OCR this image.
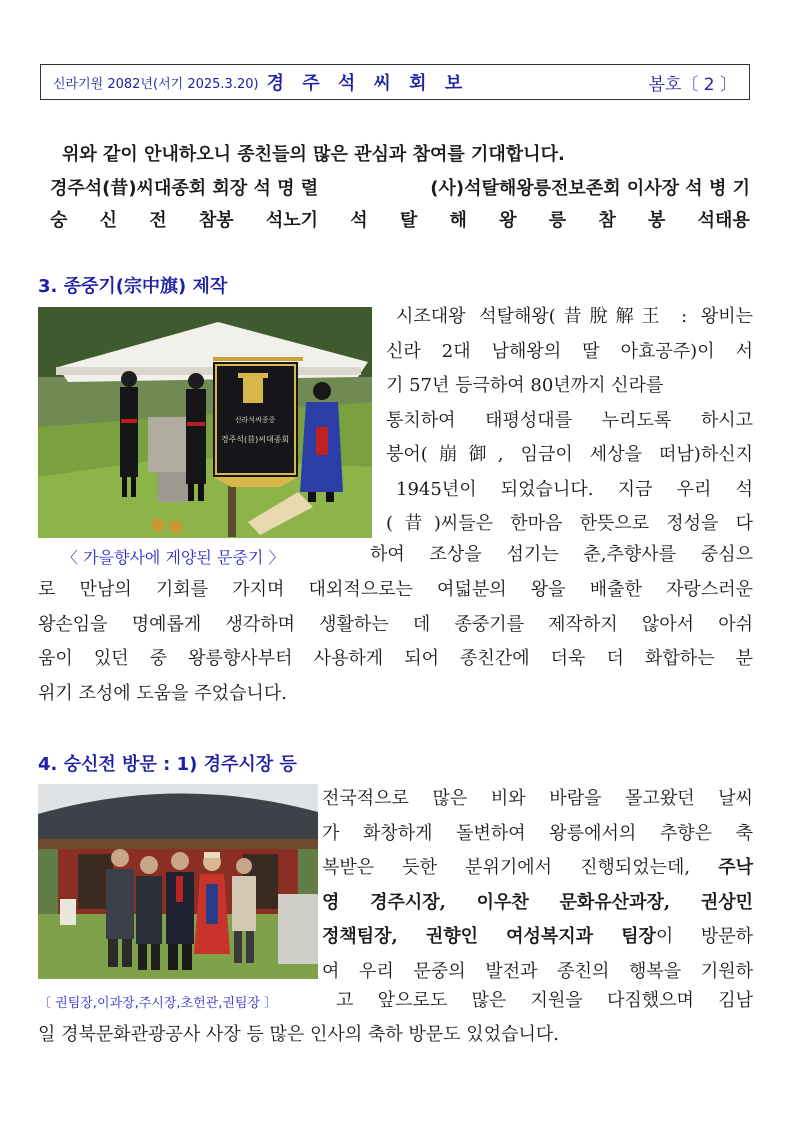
신라기원 2082년(서기 2025.3.20) 경 주 석 씨 회 보	봄호〔 2 〕
위와 같이 안내하오니 종친들의 많은 관심과 참여를 기대합니다.
경주석(昔)씨대종회 회장 석 명 렬	(사)석탈해왕릉전보존회 이사장 석 병 기
숭 신 전 참봉 석노기 석 탈 해 왕 릉 참 봉 석태용
3. 종중기(宗中旗) 제작
신라석씨종중
경주석(昔)씨대종회

시조대왕 석탈해왕(昔脫解王 : 왕비는

신라 2대 남해왕의 딸 아효공주)이 서

기 57년 등극하여 80년까지 신라를

통치하여 태평성대를 누리도록 하시고

붕어(崩御, 임금이 세상을 떠남)하신지

1945년이 되었습니다. 지금 우리 석

(昔)씨들은 한마음 한뜻으로 정성을 다

〈 가을향사에 게양된 문중기 〉	하여 조상을 섬기는 춘,추향사를 중심으

로 만남의 기회를 가지며 대외적으로는 여덟분의 왕을 배출한 자랑스러운

왕손임을 명예롭게 생각하며 생활하는 데 종중기를 제작하지 않아서 아쉬

움이 있던 중 왕릉향사부터 사용하게 되어 종친간에 더욱 더 화합하는 분

위기 조성에 도움을 주었습니다.

4. 숭신전 방문 : 1) 경주시장 등

전국적으로 많은 비와 바람을 몰고왔던 날씨

가 화창하게 돌변하여 왕릉에서의 추향은 축

복받은 듯한 분위기에서 진행되었는데, 주낙

영 경주시장, 이우찬 문화유산과장, 권상민

정책팀장, 권향인 여성복지과 팀장이 방문하

여 우리 문중의 발전과 종친의 행복을 기원하

〔 권팀장,이과장,주시장,초헌관,권팀장 〕	고 앞으로도 많은 지원을 다짐했으며 김남

일 경북문화관광공사 사장 등 많은 인사의 축하 방문도 있었습니다.
